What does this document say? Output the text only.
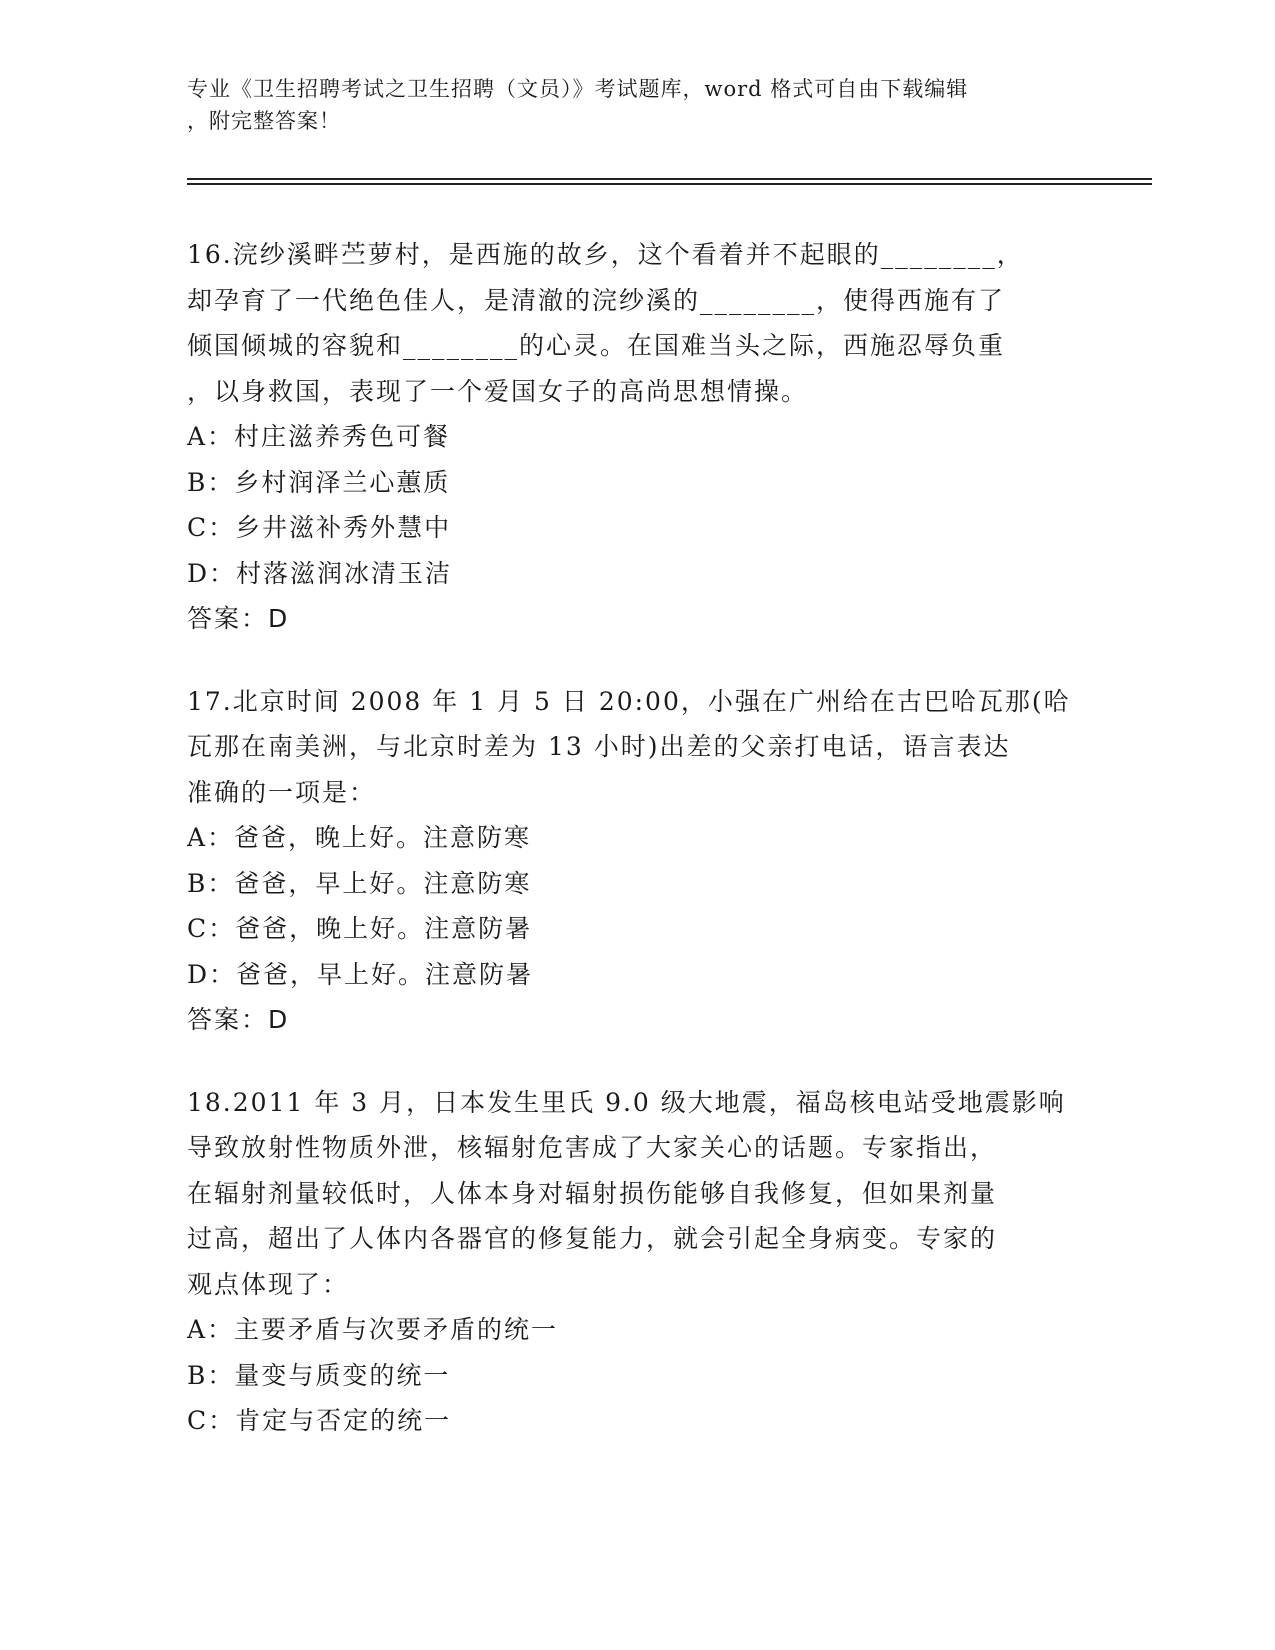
专业《卫生招聘考试之卫生招聘（文员）》考试题库，word 格式可自由下载编辑
，附完整答案！
16.浣纱溪畔苎萝村，是西施的故乡，这个看着并不起眼的________，
却孕育了一代绝色佳人，是清澈的浣纱溪的________，使得西施有了
倾国倾城的容貌和________的心灵。在国难当头之际，西施忍辱负重
，以身救国，表现了一个爱国女子的高尚思想情操。
A：村庄滋养秀色可餐
B：乡村润泽兰心蕙质
C：乡井滋补秀外慧中
D：村落滋润冰清玉洁
答案：D
17.北京时间 2008 年 1 月 5 日 20:00，小强在广州给在古巴哈瓦那(哈
瓦那在南美洲，与北京时差为 13 小时)出差的父亲打电话，语言表达
准确的一项是：
A：爸爸，晚上好。注意防寒
B：爸爸，早上好。注意防寒
C：爸爸，晚上好。注意防暑
D：爸爸，早上好。注意防暑
答案：D
18.2011 年 3 月，日本发生里氏 9.0 级大地震，福岛核电站受地震影响
导致放射性物质外泄，核辐射危害成了大家关心的话题。专家指出，
在辐射剂量较低时，人体本身对辐射损伤能够自我修复，但如果剂量
过高，超出了人体内各器官的修复能力，就会引起全身病变。专家的
观点体现了：
A：主要矛盾与次要矛盾的统一
B：量变与质变的统一
C：肯定与否定的统一
